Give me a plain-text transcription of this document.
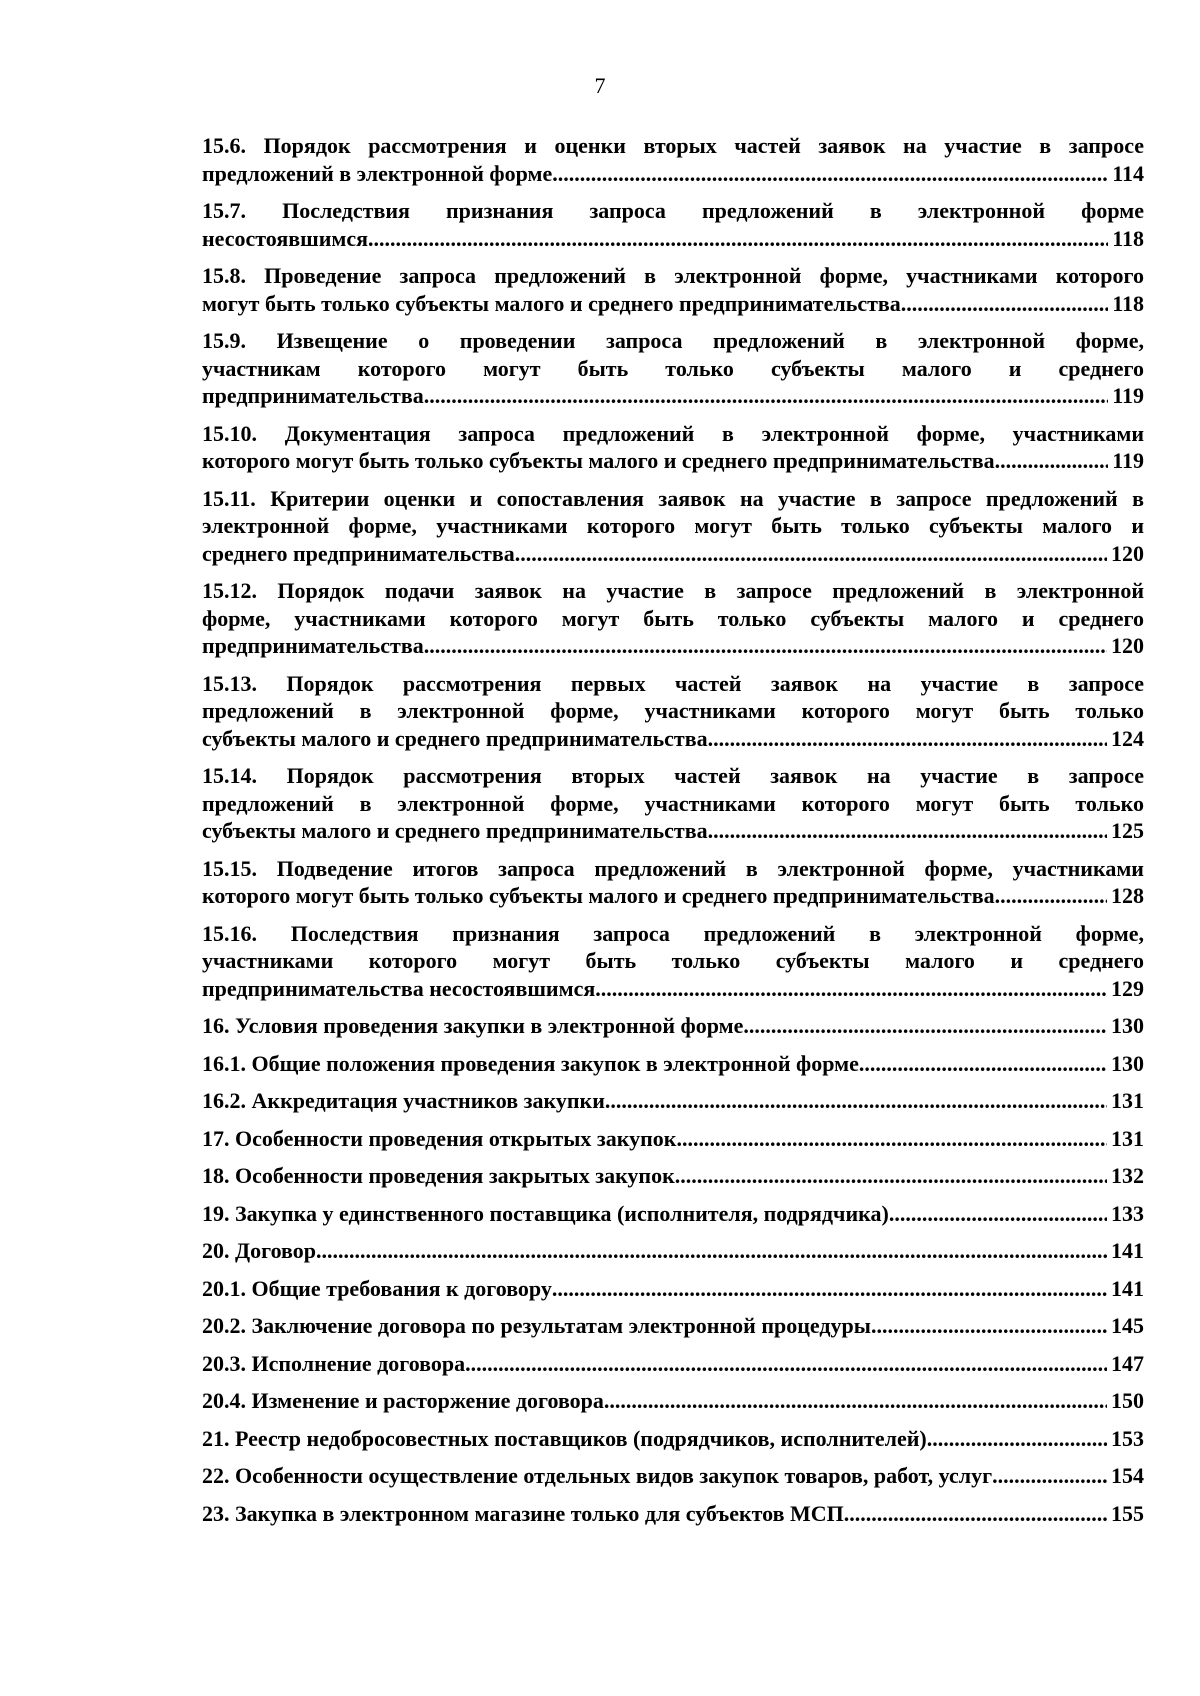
7
15.6. Порядок рассмотрения и оценки вторых частей заявок на участие в запросе
предложений в электронной форме .....	114
15.7. Последствия признания запроса предложений в электронной форме
несостоявшимся .....	118
15.8. Проведение запроса предложений в электронной форме, участниками которого
могут быть только субъекты малого и среднего предпринимательства .....	118
15.9. Извещение о проведении запроса предложений в электронной форме,
участникам которого могут быть только субъекты малого и среднего
предпринимательства .....	119
15.10. Документация запроса предложений в электронной форме, участниками
которого могут быть только субъекты малого и среднего предпринимательства .....	119
15.11. Критерии оценки и сопоставления заявок на участие в запросе предложений в
электронной форме, участниками которого могут быть только субъекты малого и
среднего предпринимательства .....	120
15.12. Порядок подачи заявок на участие в запросе предложений в электронной
форме, участниками которого могут быть только субъекты малого и среднего
предпринимательства .....	120
15.13. Порядок рассмотрения первых частей заявок на участие в запросе
предложений в электронной форме, участниками которого могут быть только
субъекты малого и среднего предпринимательства .....	124
15.14. Порядок рассмотрения вторых частей заявок на участие в запросе
предложений в электронной форме, участниками которого могут быть только
субъекты малого и среднего предпринимательства .....	125
15.15. Подведение итогов запроса предложений в электронной форме, участниками
которого могут быть только субъекты малого и среднего предпринимательства .....	128
15.16. Последствия признания запроса предложений в электронной форме,
участниками которого могут быть только субъекты малого и среднего
предпринимательства несостоявшимся .....	129
16. Условия проведения закупки в электронной форме .....	130
16.1. Общие положения проведения закупок в электронной форме .....	130
16.2. Аккредитация участников закупки .....	131
17. Особенности проведения открытых закупок .....	131
18. Особенности проведения закрытых закупок .....	132
19. Закупка у единственного поставщика (исполнителя, подрядчика) .....	133
20. Договор .....	141
20.1. Общие требования к договору .....	141
20.2. Заключение договора по результатам электронной процедуры .....	145
20.3. Исполнение договора .....	147
20.4. Изменение и расторжение договора .....	150
21. Реестр недобросовестных поставщиков (подрядчиков, исполнителей) .....	153
22. Особенности осуществление отдельных видов закупок товаров, работ, услуг .....	154
23. Закупка в электронном магазине только для субъектов МСП .....	155
